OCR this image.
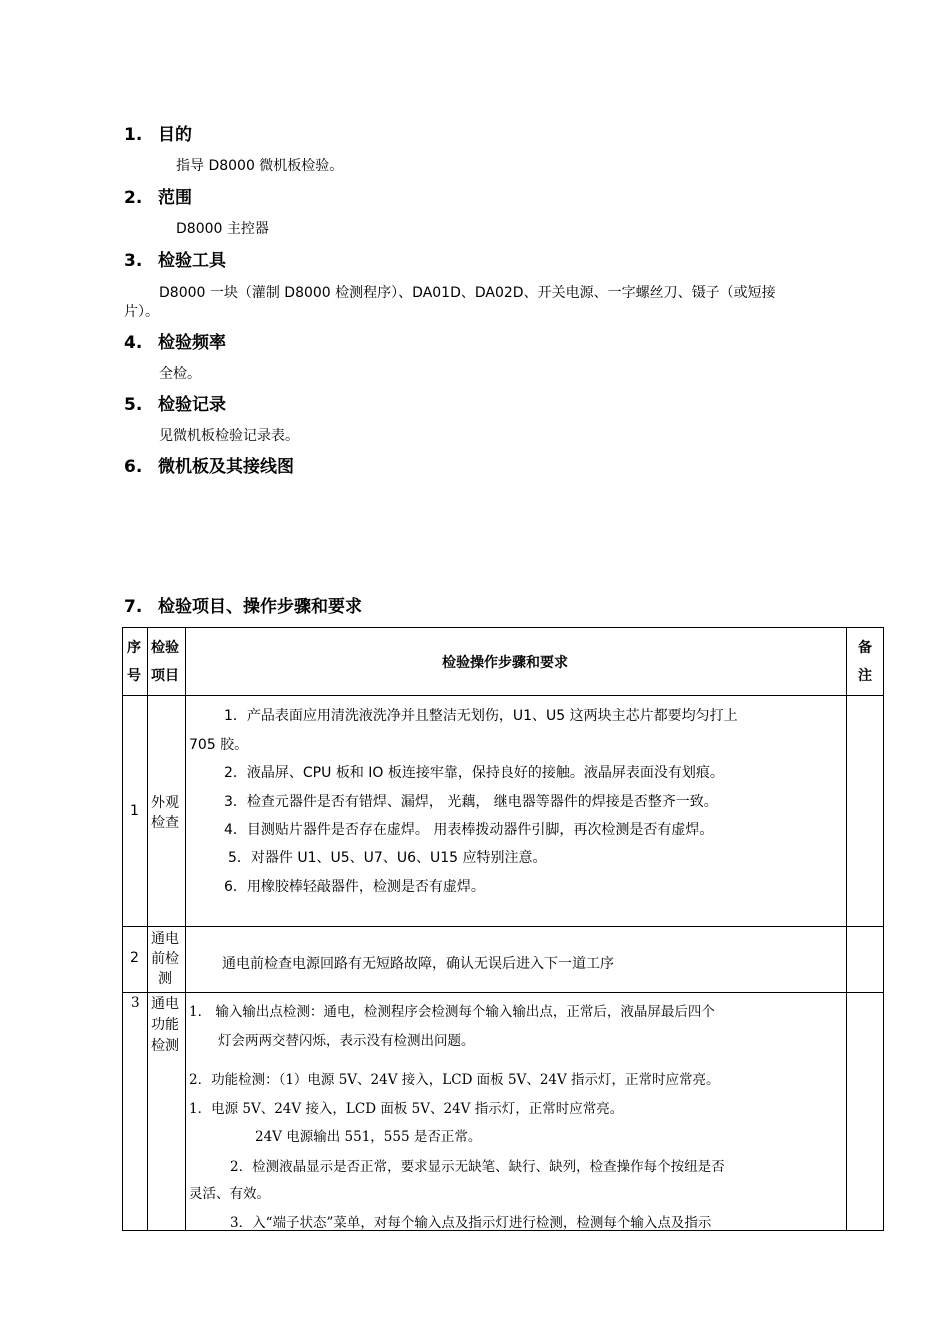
1. 目的
指导 D8000 微机板检验。
2. 范围
D8000 主控器
3. 检验工具
D8000 一块（灌制 D8000 检测程序）、DA01D、DA02D、开关电源、一字螺丝刀、镊子（或短接
片）。
4. 检验频率
全检。
5. 检验记录
见微机板检验记录表。
6. 微机板及其接线图
7. 检验项目、操作步骤和要求
序
号
检验
项目
检验操作步骤和要求
备
注
1 外观
检查
1．产品表面应用清洗液洗净并且整洁无划伤，U1、U5 这两块主芯片都要均匀打上
705 胶。
2．液晶屏、CPU 板和 IO 板连接牢靠，保持良好的接触。液晶屏表面没有划痕。
3．检查元器件是否有错焊、漏焊， 光藕， 继电器等器件的焊接是否整齐一致。
4．目测贴片器件是否存在虚焊。 用表棒拨动器件引脚，再次检测是否有虚焊。
5．对器件 U1、U5、U7、U6、U15 应特别注意。
6．用橡胶棒轻敲器件，检测是否有虚焊。
2
通电
前检
测
通电前检查电源回路有无短路故障，确认无误后进入下一道工序
3 通电
功能
检测
1． 输入输出点检测：通电，检测程序会检测每个输入输出点，正常后，液晶屏最后四个
灯会两两交替闪烁，表示没有检测出问题。
2．功能检测：（1）电源 5V、24V 接入，LCD 面板 5V、24V 指示灯，正常时应常亮。
1．电源 5V、24V 接入，LCD 面板 5V、24V 指示灯，正常时应常亮。
24V 电源输出 551，555 是否正常。
2．检测液晶显示是否正常，要求显示无缺笔、缺行、缺列，检查操作每个按纽是否
灵活、有效。
3．入“端子状态”菜单，对每个输入点及指示灯进行检测，检测每个输入点及指示
